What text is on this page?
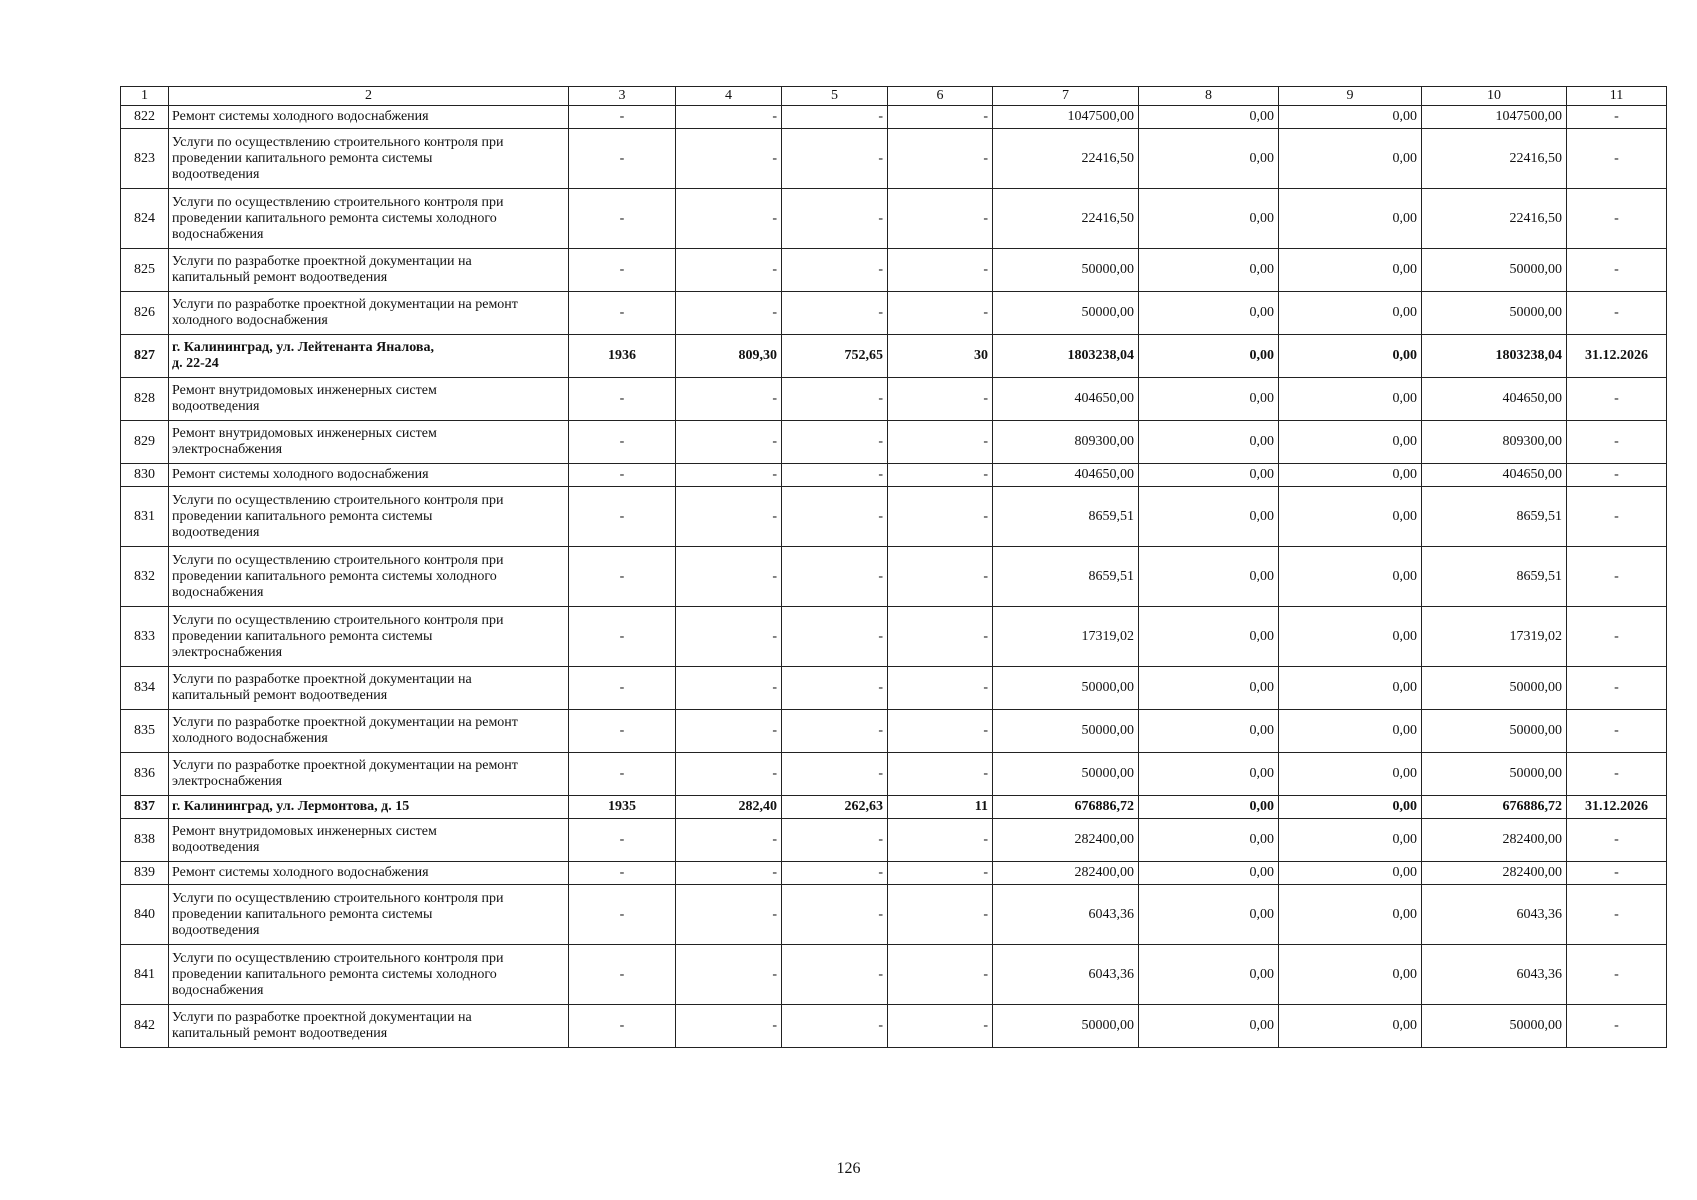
1	2	3	4	5	6	7	8	9	10	11
822	Ремонт системы холодного водоснабжения	-	-	-	-	1047500,00	0,00	0,00	1047500,00	-
823	Услуги по осуществлению строительного контроля при
проведении капитального ремонта системы
водоотведения	-	-	-	-	22416,50	0,00	0,00	22416,50	-
824	Услуги по осуществлению строительного контроля при
проведении капитального ремонта системы холодного
водоснабжения	-	-	-	-	22416,50	0,00	0,00	22416,50	-
825	Услуги по разработке проектной документации на
капитальный ремонт водоотведения	-	-	-	-	50000,00	0,00	0,00	50000,00	-
826	Услуги по разработке проектной документации на ремонт
холодного водоснабжения	-	-	-	-	50000,00	0,00	0,00	50000,00	-
827	г. Калининград, ул. Лейтенанта Яналова,
д. 22-24	1936	809,30	752,65	30	1803238,04	0,00	0,00	1803238,04	31.12.2026
828	Ремонт внутридомовых инженерных систем
водоотведения	-	-	-	-	404650,00	0,00	0,00	404650,00	-
829	Ремонт внутридомовых инженерных систем
электроснабжения	-	-	-	-	809300,00	0,00	0,00	809300,00	-
830	Ремонт системы холодного водоснабжения	-	-	-	-	404650,00	0,00	0,00	404650,00	-
831	Услуги по осуществлению строительного контроля при
проведении капитального ремонта системы
водоотведения	-	-	-	-	8659,51	0,00	0,00	8659,51	-
832	Услуги по осуществлению строительного контроля при
проведении капитального ремонта системы холодного
водоснабжения	-	-	-	-	8659,51	0,00	0,00	8659,51	-
833	Услуги по осуществлению строительного контроля при
проведении капитального ремонта системы
электроснабжения	-	-	-	-	17319,02	0,00	0,00	17319,02	-
834	Услуги по разработке проектной документации на
капитальный ремонт водоотведения	-	-	-	-	50000,00	0,00	0,00	50000,00	-
835	Услуги по разработке проектной документации на ремонт
холодного водоснабжения	-	-	-	-	50000,00	0,00	0,00	50000,00	-
836	Услуги по разработке проектной документации на ремонт
электроснабжения	-	-	-	-	50000,00	0,00	0,00	50000,00	-
837	г. Калининград, ул. Лермонтова, д. 15	1935	282,40	262,63	11	676886,72	0,00	0,00	676886,72	31.12.2026
838	Ремонт внутридомовых инженерных систем
водоотведения	-	-	-	-	282400,00	0,00	0,00	282400,00	-
839	Ремонт системы холодного водоснабжения	-	-	-	-	282400,00	0,00	0,00	282400,00	-
840	Услуги по осуществлению строительного контроля при
проведении капитального ремонта системы
водоотведения	-	-	-	-	6043,36	0,00	0,00	6043,36	-
841	Услуги по осуществлению строительного контроля при
проведении капитального ремонта системы холодного
водоснабжения	-	-	-	-	6043,36	0,00	0,00	6043,36	-
842	Услуги по разработке проектной документации на
капитальный ремонт водоотведения	-	-	-	-	50000,00	0,00	0,00	50000,00	-
126
